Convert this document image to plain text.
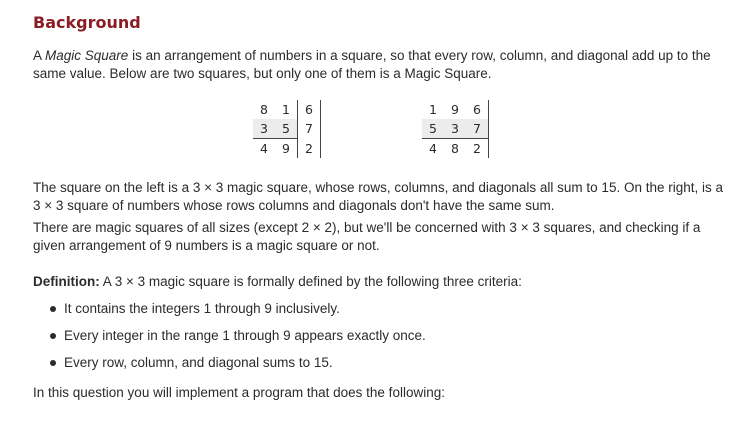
Background

A Magic Square is an arrangement of numbers in a square, so that every row, column, and diagonal add up to the same value. Below are two squares, but only one of them is a Magic Square.

8	1	6
3	5	7
4	9	2
1	9	6
5	3	7
4	8	2

The square on the left is a 3 × 3 magic square, whose rows, columns, and diagonals all sum to 15. On the right, is a 3 × 3 square of numbers whose rows columns and diagonals don't have the same sum.

There are magic squares of all sizes (except 2 × 2), but we'll be concerned with 3 × 3 squares, and checking if a given arrangement of 9 numbers is a magic square or not.

Definition: A 3 × 3 magic square is formally defined by the following three criteria:

It contains the integers 1 through 9 inclusively.
Every integer in the range 1 through 9 appears exactly once.
Every row, column, and diagonal sums to 15.

In this question you will implement a program that does the following:
